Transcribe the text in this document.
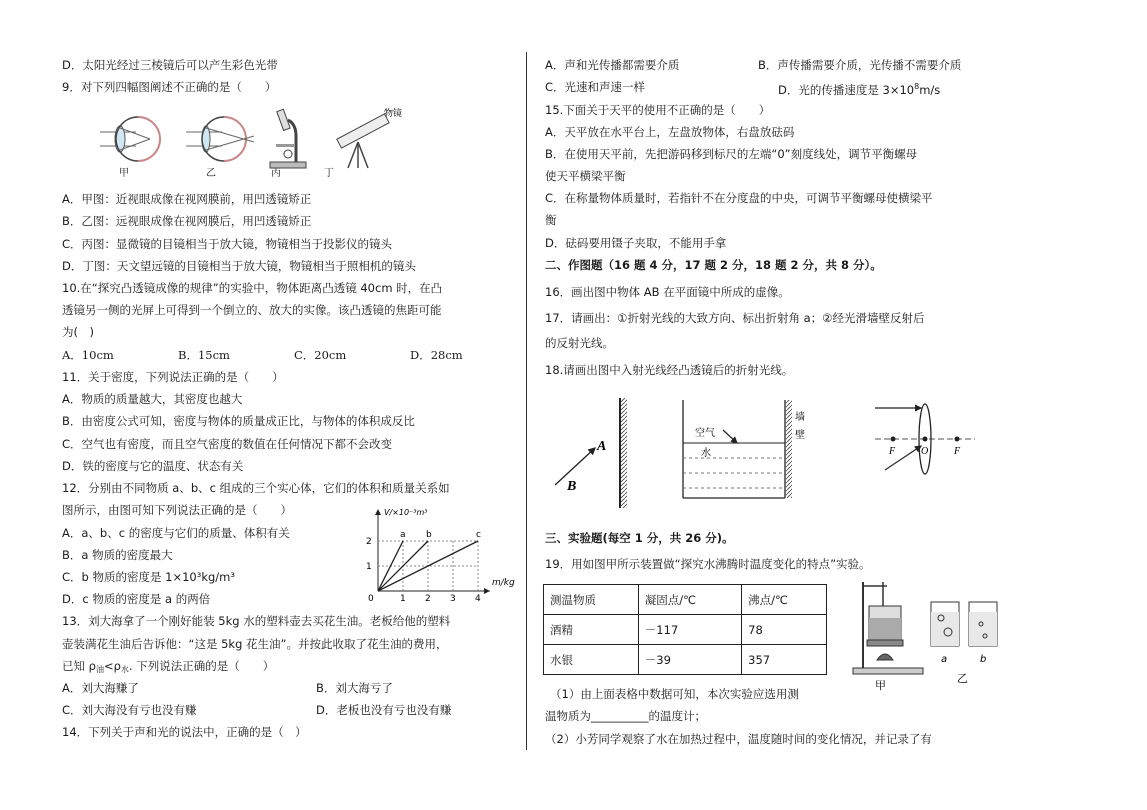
D．太阳光经过三棱镜后可以产生彩色光带
9．对下列四幅图阐述不正确的是（　　）
物镜
甲	乙	丙	丁
A．甲图：近视眼成像在视网膜前，用凹透镜矫正
B．乙图：远视眼成像在视网膜后，用凹透镜矫正
C．丙图：显微镜的目镜相当于放大镜，物镜相当于投影仪的镜头
D．丁图：天文望远镜的目镜相当于放大镜，物镜相当于照相机的镜头
10.在“探究凸透镜成像的规律”的实验中，物体距离凸透镜 40cm 时，在凸
透镜另一侧的光屏上可得到一个倒立的、放大的实像。该凸透镜的焦距可能
为(　)
A．10cm	B．15cm	C．20cm	D．28cm
11．关于密度，下列说法正确的是（　　）
A．物质的质量越大，其密度也越大
B．由密度公式可知，密度与物体的质量成正比，与物体的体积成反比
C．空气也有密度，而且空气密度的数值在任何情况下都不会改变
D．铁的密度与它的温度、状态有关
12．分别由不同物质 a、b、c 组成的三个实心体，它们的体积和质量关系如
图所示，由图可知下列说法正确的是（　　）
A．a、b、c 的密度与它们的质量、体积有关
B．a 物质的密度最大
C．b 物质的密度是 1×10³kg/m³
D．c 物质的密度是 a 的两倍
V/×10⁻³m³
m/kg
2
1
0	1 2 3 4
a b	c
13．刘大海拿了一个刚好能装 5kg 水的塑料壶去买花生油。老板给他的塑料
壶装满花生油后告诉他：“这是 5kg 花生油”。并按此收取了花生油的费用，
已知 $\rho_油<\rho_水$. 下列说法正确的是（　　）
A．刘大海赚了	B．刘大海亏了
C．刘大海没有亏也没有赚	D．老板也没有亏也没有赚
14．下列关于声和光的说法中，正确的是（　）
A．声和光传播都需要介质	B．声传播需要介质，光传播不需要介质
C．光速和声速一样	D．光的传播速度是 $3\times 10^8m/s$
15.下面关于天平的使用不正确的是（　　）
A．天平放在水平台上，左盘放物体，右盘放砝码
B．在使用天平前，先把游码移到标尺的左端“0”刻度线处，调节平衡螺母
使天平横梁平衡
C．在称量物体质量时，若指针不在分度盘的中央，可调节平衡螺母使横梁平
衡
D．砝码要用镊子夹取，不能用手拿
二、作图题（16 题 4 分，17 题 2 分，18 题 2 分，共 8 分）。
16．画出图中物体 AB 在平面镜中所成的虚像。
17．请画出：①折射光线的大致方向、标出折射角 a；②经光滑墙壁反射后
的反射光线。
18.请画出图中入射光线经凸透镜后的折射光线。
A
B
空气
水
墙
壁
F	O	F
三、实验题(每空 1 分，共 26 分)。
19．用如图甲所示装置做“探究水沸腾时温度变化的特点”实验。
测温物质	凝固点/℃	沸点/℃
酒精	－117	78
水银	－39	357
甲
a	b
乙
（1）由上面表格中数据可知，本次实验应选用测
温物质为__________的温度计；
（2）小芳同学观察了水在加热过程中，温度随时间的变化情况，并记录了有
